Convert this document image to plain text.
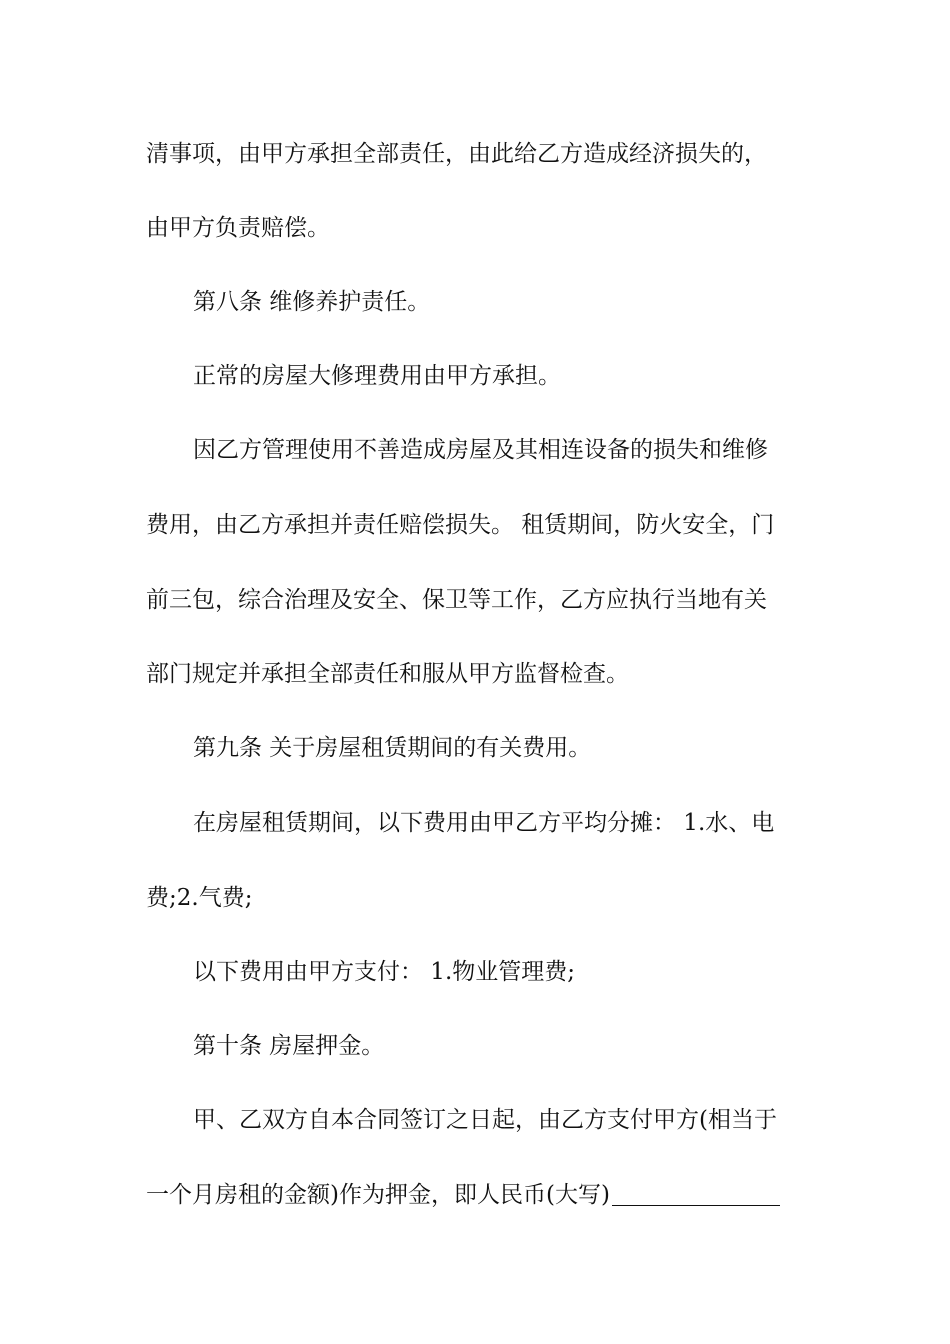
清事项，由甲方承担全部责任，由此给乙方造成经济损失的，
由甲方负责赔偿。
第八条 维修养护责任。
正常的房屋大修理费用由甲方承担。
因乙方管理使用不善造成房屋及其相连设备的损失和维修
费用，由乙方承担并责任赔偿损失。 租赁期间，防火安全，门
前三包，综合治理及安全、保卫等工作，乙方应执行当地有关
部门规定并承担全部责任和服从甲方监督检查。
第九条 关于房屋租赁期间的有关费用。
在房屋租赁期间，以下费用由甲乙方平均分摊： 1.水、电
费;2.气费;
以下费用由甲方支付： 1.物业管理费;
第十条 房屋押金。
甲、乙双方自本合同签订之日起，由乙方支付甲方(相当于
一个月房租的金额)作为押金，即人民币(大写)
